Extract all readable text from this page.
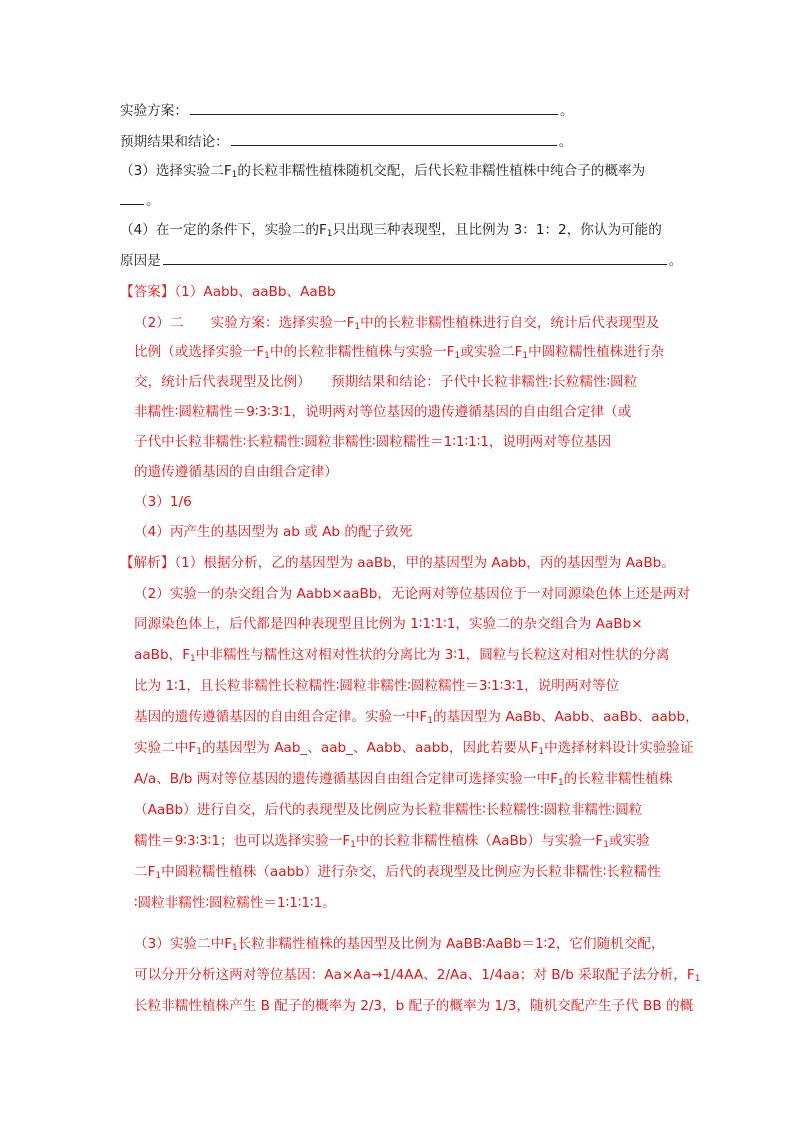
实验方案：	。

预期结果和结论：	。

（3）选择实验二$F_1$的长粒非糯性植株随机交配，后代长粒非糯性植株中纯合子的概率为

。

（4）在一定的条件下，实验二的$F_1$只出现三种表现型，且比例为 3：1：2，你认为可能的

原因是	。

【答案】（1）Aabb、aaBb、AaBb

（2）二　　实验方案：选择实验一$F_1$中的长粒非糯性植株进行自交，统计后代表现型及

比例（或选择实验一$F_1$中的长粒非糯性植株与实验一$F_1$或实验二$F_1$中圆粒糯性植株进行杂

交，统计后代表现型及比例）　　预期结果和结论：子代中长粒非糯性∶长粒糯性∶圆粒

非糯性∶圆粒糯性＝9∶3∶3∶1，说明两对等位基因的遗传遵循基因的自由组合定律（或

子代中长粒非糯性∶长粒糯性∶圆粒非糯性∶圆粒糯性＝1∶1∶1∶1，说明两对等位基因

的遗传遵循基因的自由组合定律）

（3）1/6

（4）丙产生的基因型为 ab 或 Ab 的配子致死

【解析】（1）根据分析，乙的基因型为 aaBb，甲的基因型为 Aabb，丙的基因型为 AaBb。

（2）实验一的杂交组合为 Aabb×aaBb，无论两对等位基因位于一对同源染色体上还是两对

同源染色体上，后代都是四种表现型且比例为 1∶1∶1∶1，实验二的杂交组合为 AaBb×

aaBb，$F_1$中非糯性与糯性这对相对性状的分离比为 3∶1，圆粒与长粒这对相对性状的分离

比为 1∶1，且长粒非糯性长粒糯性∶圆粒非糯性∶圆粒糯性＝3∶1∶3∶1，说明两对等位

基因的遗传遵循基因的自由组合定律。实验一中$F_1$的基因型为 AaBb、Aabb、aaBb、aabb，

实验二中$F_1$的基因型为 Aab_、aab_、Aabb、aabb，因此若要从$F_1$中选择材料设计实验验证

A/a、B/b 两对等位基因的遗传遵循基因自由组合定律可选择实验一中$F_1$的长粒非糯性植株

（AaBb）进行自交，后代的表现型及比例应为长粒非糯性∶长粒糯性∶圆粒非糯性∶圆粒

糯性＝9∶3∶3∶1；也可以选择实验一$F_1$中的长粒非糯性植株（AaBb）与实验一$F_1$或实验

二$F_1$中圆粒糯性植株（aabb）进行杂交，后代的表现型及比例应为长粒非糯性∶长粒糯性

∶圆粒非糯性∶圆粒糯性＝1∶1∶1∶1。

（3）实验二中$F_1$长粒非糯性植株的基因型及比例为 AaBB∶AaBb＝1∶2，它们随机交配，

可以分开分析这两对等位基因：Aa×Aa→1/4AA、2/Aa、1/4aa；对 B/b 采取配子法分析，$F_1$

长粒非糯性植株产生 B 配子的概率为 2/3，b 配子的概率为 1/3，随机交配产生子代 BB 的概
